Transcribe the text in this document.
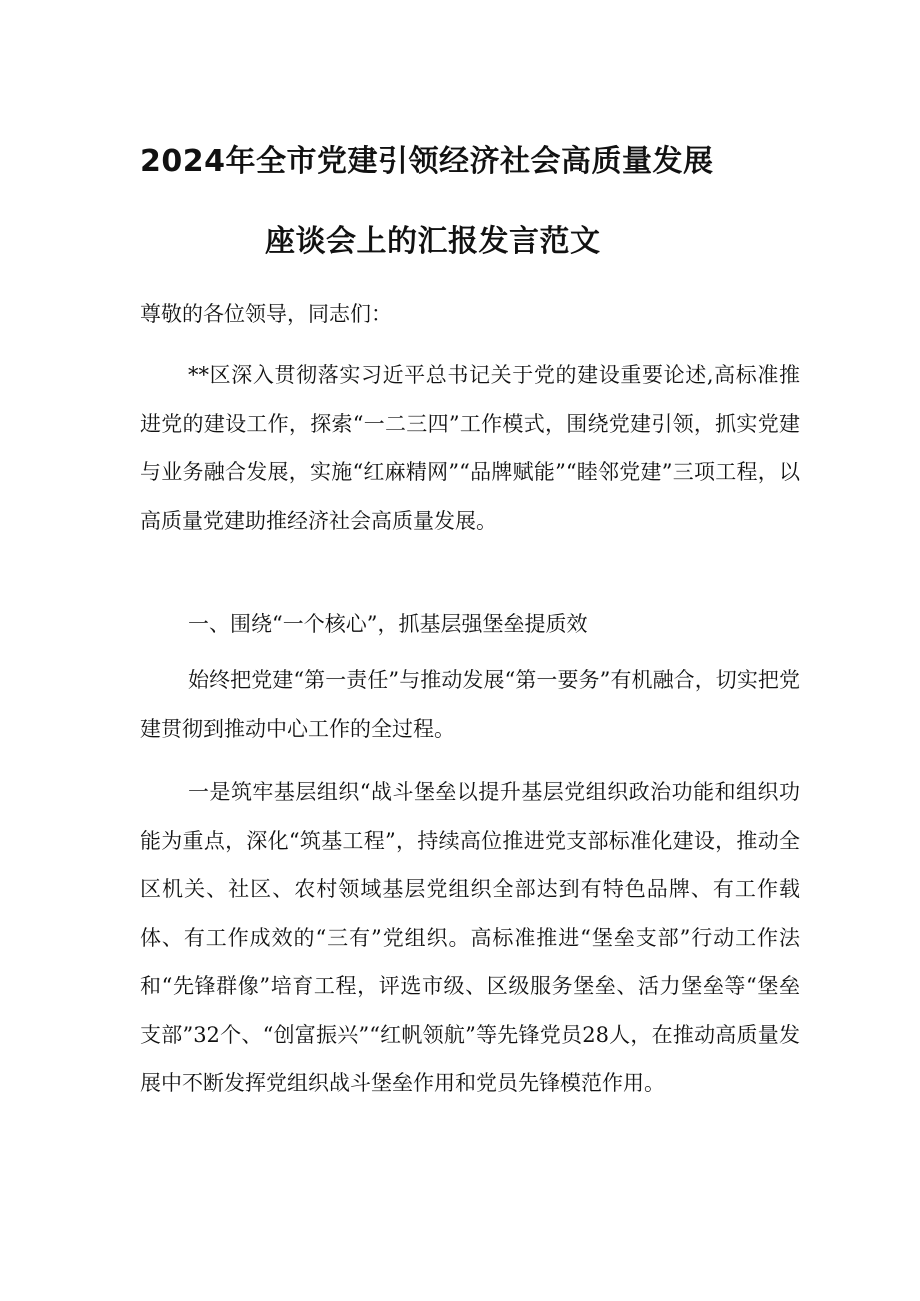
2024年全市党建引领经济社会高质量发展
座谈会上的汇报发言范文

尊敬的各位领导，同志们：

**区深入贯彻落实习近平总书记关于党的建设重要论述,高标准推进党的建设工作，探索“一二三四”工作模式，围绕党建引领，抓实党建与业务融合发展，实施“红麻精网”“品牌赋能”“睦邻党建”三项工程，以高质量党建助推经济社会高质量发展。

一、围绕“一个核心”，抓基层强堡垒提质效

始终把党建“第一责任”与推动发展“第一要务”有机融合，切实把党建贯彻到推动中心工作的全过程。

一是筑牢基层组织“战斗堡垒以提升基层党组织政治功能和组织功能为重点，深化“筑基工程”，持续高位推进党支部标准化建设，推动全区机关、社区、农村领域基层党组织全部达到有特色品牌、有工作载体、有工作成效的“三有”党组织。高标准推进“堡垒支部”行动工作法和“先锋群像”培育工程，评选市级、区级服务堡垒、活力堡垒等“堡垒支部”32个、“创富振兴”“红帆领航”等先锋党员28人，在推动高质量发展中不断发挥党组织战斗堡垒作用和党员先锋模范作用。
